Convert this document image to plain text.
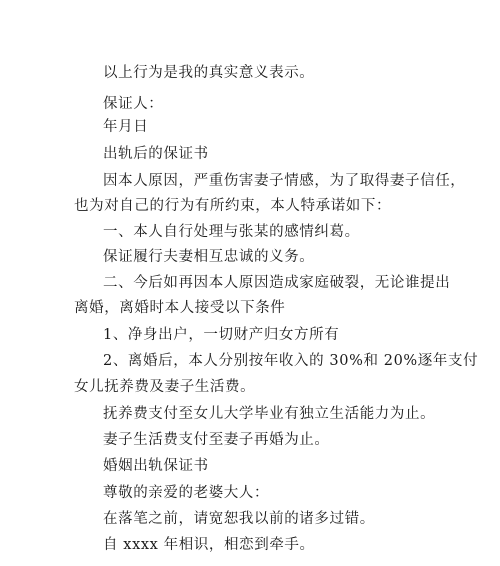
以上行为是我的真实意义表示。
保证人：
年月日
出轨后的保证书
因本人原因，严重伤害妻子情感，为了取得妻子信任，
也为对自己的行为有所约束，本人特承诺如下：
一、本人自行处理与张某的感情纠葛。
保证履行夫妻相互忠诚的义务。
二、今后如再因本人原因造成家庭破裂，无论谁提出
离婚，离婚时本人接受以下条件
1、净身出户，一切财产归女方所有
2、离婚后，本人分别按年收入的 30%和 20%逐年支付
女儿抚养费及妻子生活费。
抚养费支付至女儿大学毕业有独立生活能力为止。
妻子生活费支付至妻子再婚为止。
婚姻出轨保证书
尊敬的亲爱的老婆大人：
在落笔之前，请宽恕我以前的诸多过错。
自 xxxx 年相识，相恋到牵手。
